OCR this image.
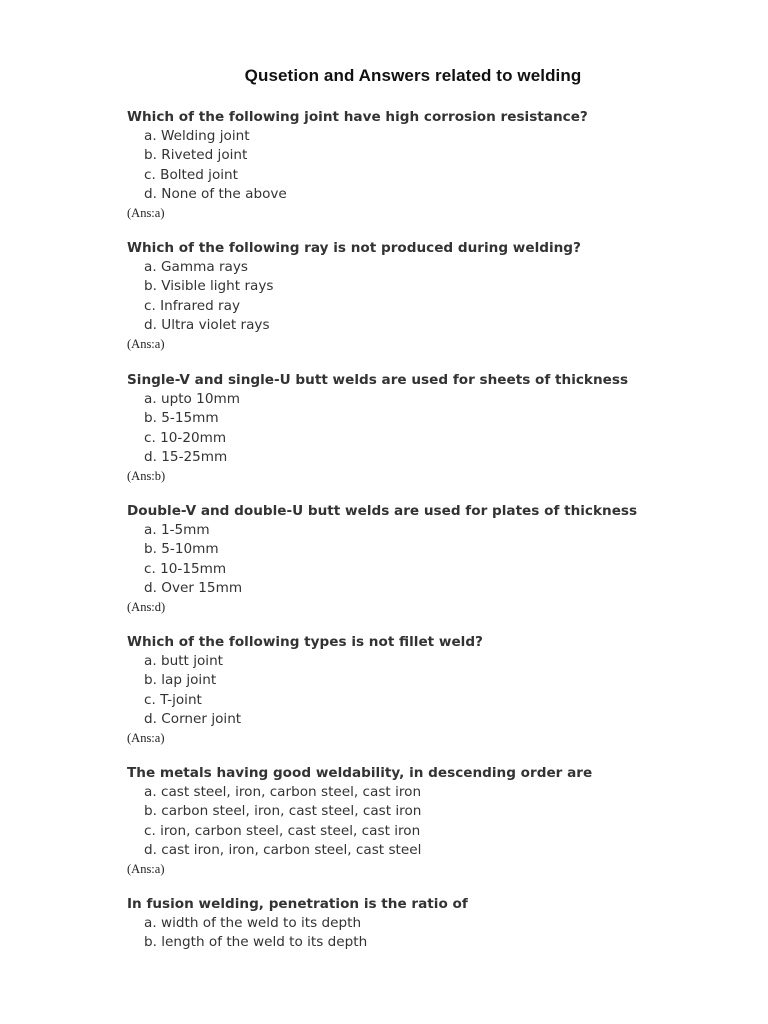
Qusetion and Answers related to welding
Which of the following joint have high corrosion resistance?
a. Welding joint
b. Riveted joint
c. Bolted joint
d. None of the above
(Ans:a)
Which of the following ray is not produced during welding?
a. Gamma rays
b. Visible light rays
c. Infrared ray
d. Ultra violet rays
(Ans:a)
Single-V and single-U butt welds are used for sheets of thickness
a. upto 10mm
b. 5-15mm
c. 10-20mm
d. 15-25mm
(Ans:b)
Double-V and double-U butt welds are used for plates of thickness
a. 1-5mm
b. 5-10mm
c. 10-15mm
d. Over 15mm
(Ans:d)
Which of the following types is not fillet weld?
a. butt joint
b. lap joint
c. T-joint
d. Corner joint
(Ans:a)
The metals having good weldability, in descending order are
a. cast steel, iron, carbon steel, cast iron
b. carbon steel, iron, cast steel, cast iron
c. iron, carbon steel, cast steel, cast iron
d. cast iron, iron, carbon steel, cast steel
(Ans:a)
In fusion welding, penetration is the ratio of
a. width of the weld to its depth
b. length of the weld to its depth
